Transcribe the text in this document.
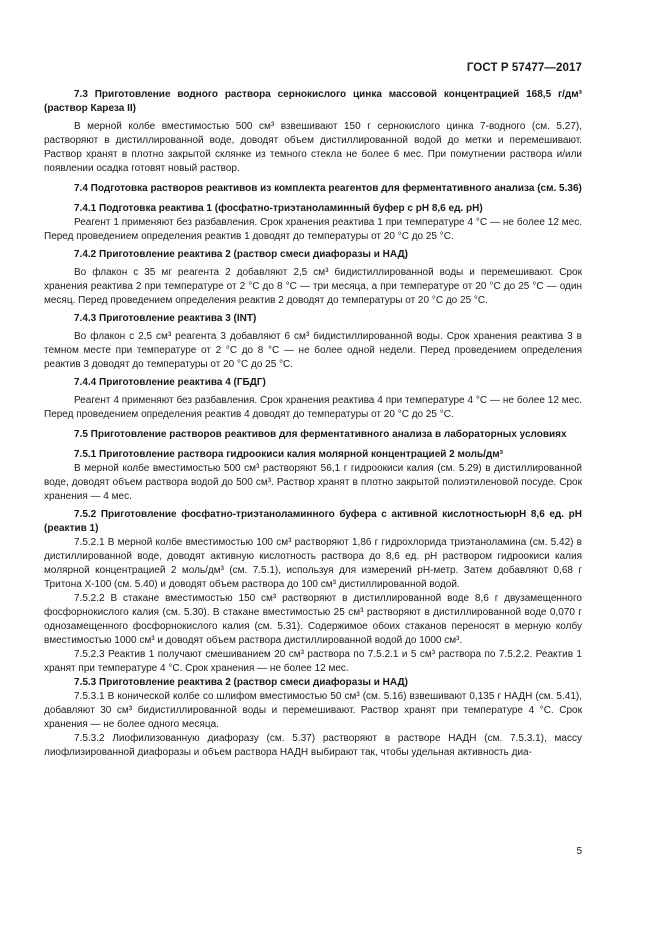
ГОСТ Р 57477—2017

7.3 Приготовление водного раствора сернокислого цинка массовой концентрацией 168,5 г/дм³ (раствор Кареза II)

В мерной колбе вместимостью 500 см³ взвешивают 150 г сернокислого цинка 7-водного (см. 5.27), растворяют в дистиллированной воде, доводят объем дистиллированной водой до метки и перемешивают. Раствор хранят в плотно закрытой склянке из темного стекла не более 6 мес. При помутнении раствора и/или появлении осадка готовят новый раствор.

7.4 Подготовка растворов реактивов из комплекта реагентов для ферментативного анализа (см. 5.36)

7.4.1 Подготовка реактива 1 (фосфатно-триэтаноламинный буфер с рН 8,6 ед. рН)

Реагент 1 применяют без разбавления. Срок хранения реактива 1 при температуре 4 °С — не более 12 мес. Перед проведением определения реактив 1 доводят до температуры от 20 °С до 25 °С.

7.4.2 Приготовление реактива 2 (раствор смеси диафоразы и НАД)

Во флакон с 35 мг реагента 2 добавляют 2,5 см³ бидистиллированной воды и перемешивают. Срок хранения реактива 2 при температуре от 2 °С до 8 °С — три месяца, а при температуре от 20 °С до 25 °С — один месяц. Перед проведением определения реактив 2 доводят до температуры от 20 °С до 25 °С.

7.4.3 Приготовление реактива 3 (INT)

Во флакон с 2,5 см³ реагента 3 добавляют 6 см³ бидистиллированной воды. Срок хранения реактива 3 в темном месте при температуре от 2 °С до 8 °С — не более одной недели. Перед проведением определения реактив 3 доводят до температуры от 20 °С до 25 °С.

7.4.4 Приготовление реактива 4 (ГБДГ)

Реагент 4 применяют без разбавления. Срок хранения реактива 4 при температуре 4 °С — не более 12 мес. Перед проведением определения реактив 4 доводят до температуры от 20 °С до 25 °С.

7.5 Приготовление растворов реактивов для ферментативного анализа в лабораторных условиях

7.5.1 Приготовление раствора гидроокиси калия молярной концентрацией 2 моль/дм³

В мерной колбе вместимостью 500 см³ растворяют 56,1 г гидроокиси калия (см. 5.29) в дистиллированной воде, доводят объем раствора водой до 500 см³. Раствор хранят в плотно закрытой полиэтиленовой посуде. Срок хранения — 4 мес.

7.5.2 Приготовление фосфатно-триэтаноламинного буфера с активной кислотностьюрН 8,6 ед. рН (реактив 1)

7.5.2.1 В мерной колбе вместимостью 100 см³ растворяют 1,86 г гидрохлорида триэтаноламина (см. 5.42) в дистиллированной воде, доводят активную кислотность раствора до 8,6 ед. рН раствором гидроокиси калия молярной концентрацией 2 моль/дм³ (см. 7.5.1), используя для измерений рН-метр. Затем добавляют 0,68 г Тритона Х-100 (см. 5.40) и доводят объем раствора до 100 см³ дистиллированной водой.

7.5.2.2 В стакане вместимостью 150 см³ растворяют в дистиллированной воде 8,6 г двузамещенного фосфорнокислого калия (см. 5.30). В стакане вместимостью 25 см³ растворяют в дистиллированной воде 0,070 г однозамещенного фосфорнокислого калия (см. 5.31). Содержимое обоих стаканов переносят в мерную колбу вместимостью 1000 см³ и доводят объем раствора дистиллированной водой до 1000 см³.

7.5.2.3 Реактив 1 получают смешиванием 20 см³ раствора по 7.5.2.1 и 5 см³ раствора по 7.5.2.2. Реактив 1 хранят при температуре 4 °С. Срок хранения — не более 12 мес.

7.5.3 Приготовление реактива 2 (раствор смеси диафоразы и НАД)

7.5.3.1 В конической колбе со шлифом вместимостью 50 см³ (см. 5.16) взвешивают 0,135 г НАДН (см. 5.41), добавляют 30 см³ бидистиллированной воды и перемешивают. Раствор хранят при температуре 4 °С. Срок хранения — не более одного месяца.

7.5.3.2 Лиофилизованную диафоразу (см. 5.37) растворяют в растворе НАДН (см. 7.5.3.1), массу лиофлизированной диафоразы и объем раствора НАДН выбирают так, чтобы удельная активность диа-

5
